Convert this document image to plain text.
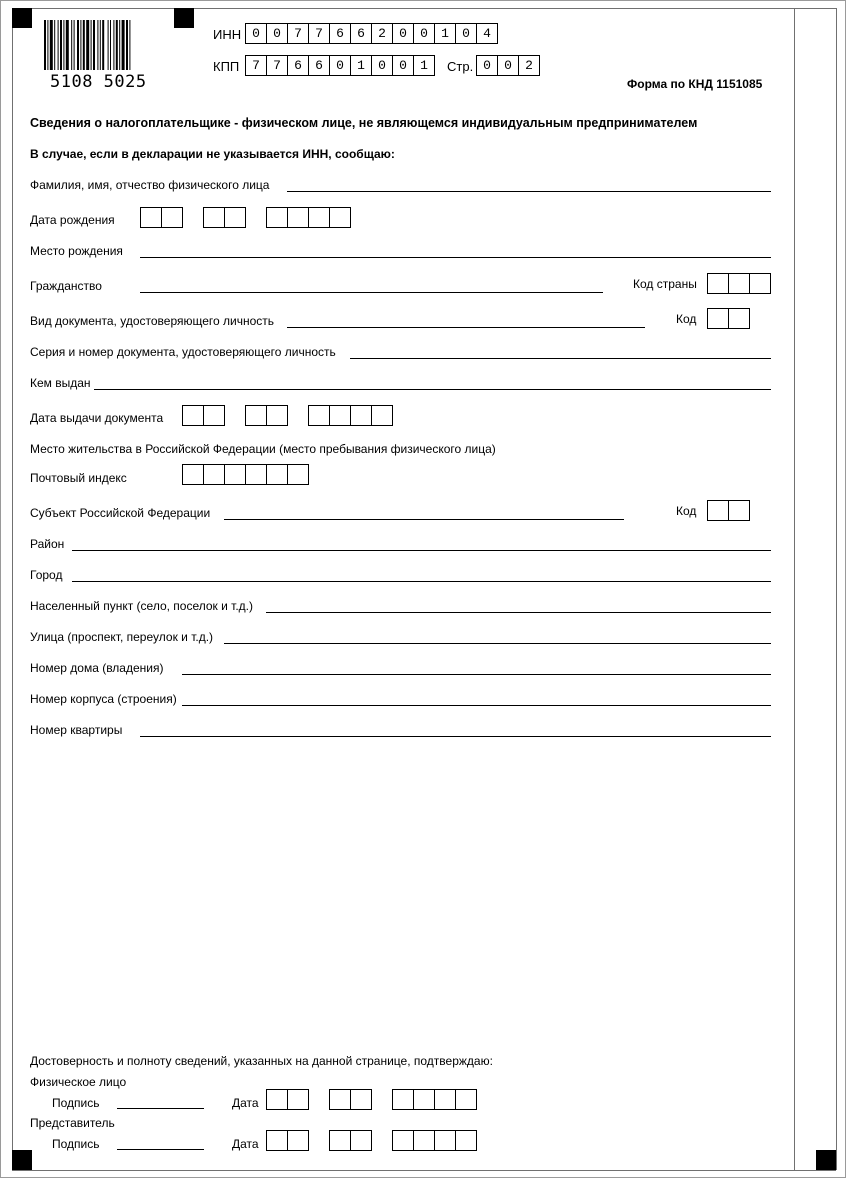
5108 5025
ИНН 0	0	7	7	6	6	2	0	0	1	0	4
КПП 7	7	6	6	0	1	0	0	1	Стр. 0	0	2
Форма по КНД 1151085
Сведения о налогоплательщике - физическом лице, не являющемся индивидуальным предпринимателем
В случае, если в декларации не указывается ИНН, сообщаю:
Фамилия, имя, отчество физического лица
Дата рождения
Место рождения
Гражданство	Код страны
Вид документа, удостоверяющего личность	Код
Серия и номер документа, удостоверяющего личность
Кем выдан
Дата выдачи документа
Место жительства в Российской Федерации (место пребывания физического лица)
Почтовый индекс
Субъект Российской Федерации	Код
Район
Город
Населенный пункт (село, поселок и т.д.)
Улица (проспект, переулок и т.д.)
Номер дома (владения)
Номер корпуса (строения)
Номер квартиры
Достоверность и полноту сведений, указанных на данной странице, подтверждаю:
Физическое лицо
Подпись	Дата
Представитель
Подпись	Дата
